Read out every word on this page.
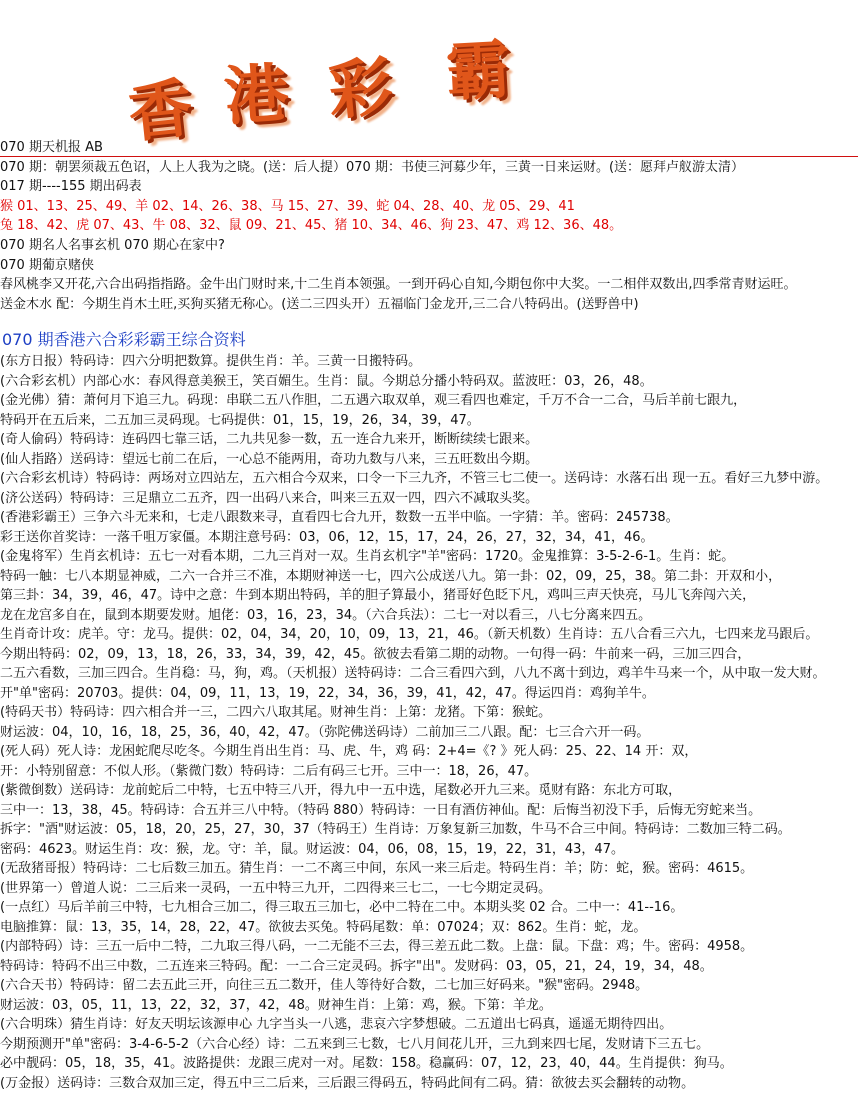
香 港 彩 霸
070 期天机报 AB
070 期：朝罢须裁五色诏，人上人我为之晓。(送：后人提）070 期：书使三河募少年，三黄一日来运财。(送：愿拜卢舣游太清）
017 期----155 期出码表
猴 01、13、25、49、羊 02、14、26、38、马 15、27、39、蛇 04、28、40、龙 05、29、41
兔 18、42、虎 07、43、牛 08、32、鼠 09、21、45、猪 10、34、46、狗 23、47、鸡 12、36、48。
070 期名人名事玄机 070 期心在家中?
070 期葡京赌侠
春风桃李又开花,六合出码指指路。金牛出门财时来,十二生肖本领强。一到开码心自知,今期包你中大奖。一二相伴双数出,四季常青财运旺。
送金木水 配：今期生肖木土旺,买狗买猪无称心。(送二三四头开）五福临门金龙开,三二合八特码出。(送野兽中)
070 期香港六合彩彩霸王综合资料
(东方日报）特码诗：四六分明把数算。提供生肖：羊。三黄一日搬特码。
(六合彩玄机）内部心水：春风得意美猴王，笑百媚生。生肖：鼠。今期总分播小特码双。蓝波旺：03，26，48。
(金光佛）猜：萧何月下追三九。码现：串联二五八作胆，二五遇六取双单，观三看四也难定，千万不合一二合，马后羊前七跟九，
特码开在五后来，二五加三灵码现。七码提供：01，15，19，26，34，39，47。
(奇人偷码）特码诗：连码四七靠三话，二九共见参一数，五一连合九来开，断断续续七跟来。
(仙人指路）送码诗：望远七前二在后，一心总不能两用，奇功九数与八来，三五旺数出今期。
(六合彩玄机诗）特码诗：两场对立四站左，五六相合今双来，口令一下三九齐，不管三七二使一。送码诗：水落石出 现一五。看好三九梦中游。
(济公送码）特码诗：三足鼎立二五齐，四一出码八来合，叫来三五双一四，四六不减取头奖。
(香港彩霸王）三争六斗无来和，七走八跟数来寻，直看四七合九开，数数一五半中临。一字猜：羊。密码：245738。
彩王送你首奖诗：一落千咀万家僵。本期注意号码：03，06，12，15，17，24，26，27，32，34，41，46。
(金鬼将军）生肖玄机诗：五七一对看本期，二九三肖对一双。生肖玄机字"羊"密码：1720。金鬼推算：3-5-2-6-1。生肖：蛇。
特码一触：七八本期显神威，二六一合并三不准，本期财神送一七，四六公成送八九。第一卦：02，09，25，38。第二卦：开双和小，
第三卦：34，39，46，47。诗中之意：牛到本期出特码，羊的胆子算最小，猪哥好色眨下凡，鸡叫三声天快亮，马儿飞奔闯六关，
龙在龙宫多自在，鼠到本期要发财。旭佬：03，16，23，34。（六合兵法）：二七一对以看三，八七分离来四五。
生肖奇计攻：虎羊。守：龙马。提供：02，04，34，20，10，09，13，21，46。（新天机数）生肖诗：五八合看三六九，七四来龙马跟后。
今期出特码：02，09，13，18，26，33，34，39，42，45。欲彼去看第二期的动物。一句得一码：牛前来一码，三加三四合，
二五六看数，三加三四合。生肖稳：马，狗，鸡。（天机报）送特码诗：二合三看四六到，八九不离十到边，鸡羊牛马来一个，从中取一发大财。
开"单"密码：20703。提供：04，09，11，13，19，22，34，36，39，41，42，47。得运四肖：鸡狗羊牛。
(特码天书）特码诗：四六相合并一三，二四六八取其尾。财神生肖：上第：龙猪。下第：猴蛇。
财运波：04，10，16，18，25，36，40，42，47。（弥陀佛送码诗）二前加三二八跟。配：七三合六开一码。
(死人码）死人诗：龙困蛇爬尽吃冬。今期生肖出生肖：马、虎、牛，鸡 码：2+4=《? 》死人码：25、22、14 开：双，
开：小特别留意：不似人形。（紫微门数）特码诗：二后有码三七开。三中一：18，26，47。
(紫微倒数）送码诗：龙前蛇后二中特，七五中特三八开，得九中一五中选，尾数必开九三来。觅财有路：东北方可取，
三中一：13，38，45。特码诗：合五并三八中特。（特码 880）特码诗：一日有酒仿神仙。配：后悔当初没下手，后悔无穷蛇来当。
拆字："酒"财运波：05，18，20，25，27，30，37（特码王）生肖诗：万象复新三加数，牛马不合三中间。特码诗：二数加三特二码。
密码：4623。财运生肖：攻：猴，龙。守：羊，鼠。财运波：04，06，08，15，19，22，31，43，47。
(无敌猪哥报）特码诗：二七后数三加五。猜生肖：一二不离三中间，东风一来三后走。特码生肖：羊；防：蛇，猴。密码：4615。
(世界第一）曾道人说：二三后来一灵码，一五中特三九开，二四得来三七二，一七今期定灵码。
(一点红）马后羊前三中特，七九相合三加二，得三取五三加七，必中二特在二中。本期头奖 02 合。二中一：41--16。
电脑推算：鼠：13，35，14，28，22，47。欲彼去买兔。特码尾数：单：07024；双：862。生肖：蛇，龙。
(内部特码）诗：三五一后中二特，二九取三得八码，一二无能不三去，得三差五此二数。上盘：鼠。下盘：鸡；牛。密码：4958。
特码诗：特码不出三中数，二五连来三特码。配：一二合三定灵码。拆字"出"。发财码：03，05，21，24，19，34，48。
(六合天书）特码诗：留二去五此三开，向往三五二数开，佳人等待好合数，二七加三好码来。"猴"密码。2948。
财运波：03，05，11，13，22，32，37，42，48。财神生肖：上第：鸡，猴。下第：羊龙。
(六合明珠）猜生肖诗：好友天明坛该源申心 九字当头一八逃，悲哀六字梦想破。二五道出七码真，遥遥无期待四出。
今期预测开"单"密码：3-4-6-5-2（六合心经）诗：二五来到三七数，七八月间花儿开，三九到来四七尾，发财请下三五七。
必中靓码：05，18，35，41。波路提供：龙跟三虎对一对。尾数：158。稳赢码：07，12，23，40，44。生肖提供：狗马。
(万金报）送码诗：三数合双加三定，得五中三二后来，三后跟三得码五，特码此间有二码。猜：欲彼去买会翻转的动物。
